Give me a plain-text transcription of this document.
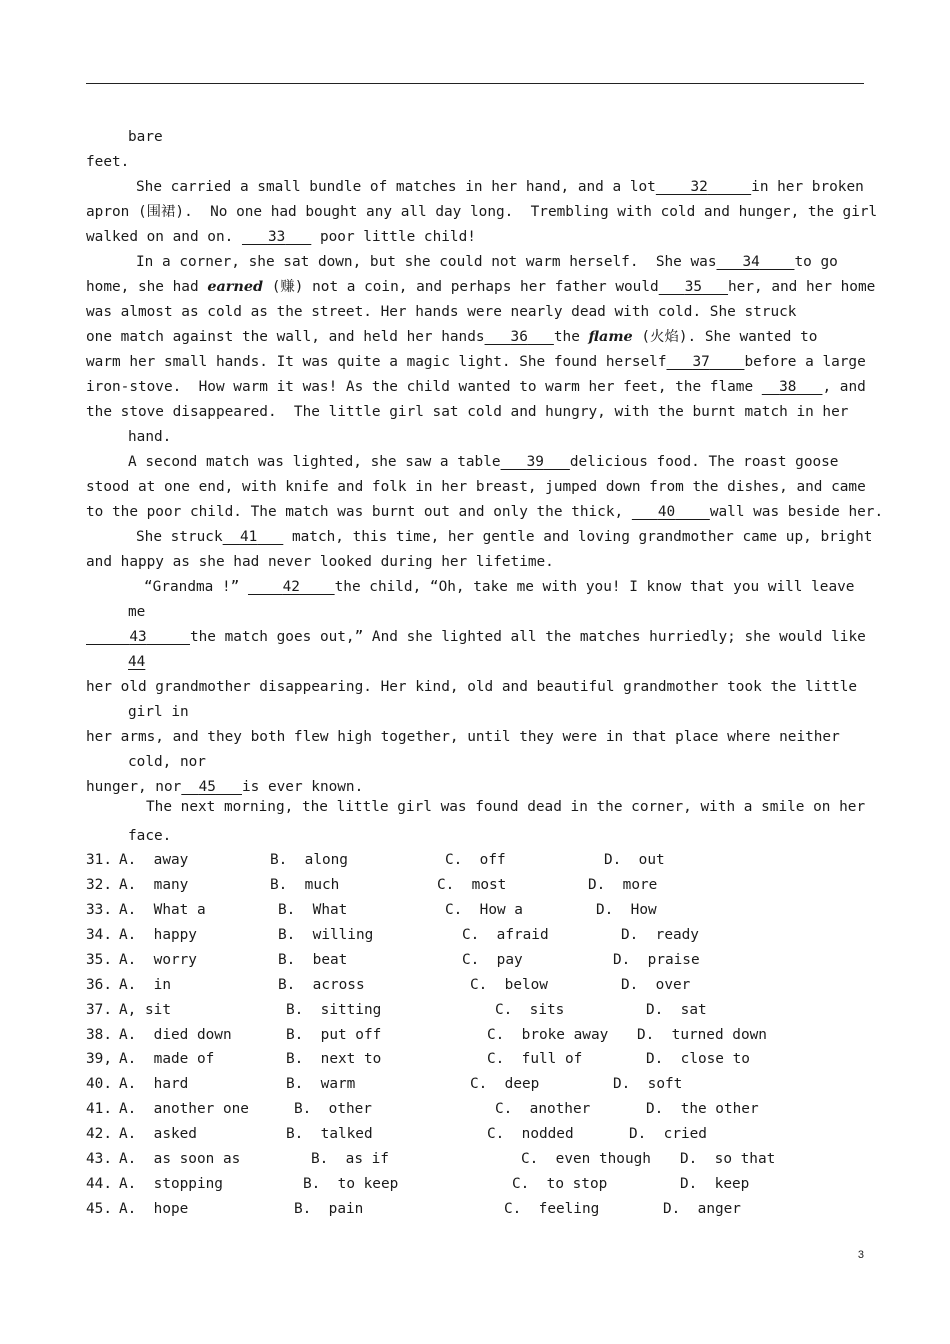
bare
feet.
She carried a small bundle of matches in her hand, and a lot 32	in her broken
apron (围裙).  No one had bought any all day long.  Trembling with cold and hunger, the girl
walked on and on. 33 poor little child!
In a corner, she sat down, but she could not warm herself.  She was 34 to go
home, she had earned (赚) not a coin, and perhaps her father would 35 her, and her home
was almost as cold as the street. Her hands were nearly dead with cold. She struck
one match against the wall, and held her hands 36 the flame (火焰). She wanted to
warm her small hands. It was quite a magic light. She found herself 37 before a large
iron-stove.  How warm it was! As the child wanted to warm her feet, the flame 38 , and
the stove disappeared.  The little girl sat cold and hungry, with the burnt match in her
hand.
A second match was lighted, she saw a table 39 delicious food. The roast goose
stood at one end, with knife and folk in her breast, jumped down from the dishes, and came
to the poor child. The match was burnt out and only the thick, 40 wall was beside her.
She struck 41 match, this time, her gentle and loving grandmother came up, bright
and happy as she had never looked during her lifetime.
“Grandma !”	42 the child, “Oh, take me with you! I know that you will leave
me
43	the match goes out,” And she lighted all the matches hurriedly; she would like
44
her old grandmother disappearing. Her kind, old and beautiful grandmother took the little
girl in
her arms, and they both flew high together, until they were in that place where neither
cold, nor
hunger, nor 45 is ever known.
The next morning, the little girl was found dead in the corner, with a smile on her
face.
31. A.  away	B.  along	C.  off	D.  out
32. A.  many	B.  much	C.  most	D.  more
33. A.  What a	B.  What	C.  How a	D.  How
34. A.  happy	B.  willing	C.  afraid	D.  ready
35. A.  worry	B.  beat	C.  pay	D.  praise
36. A.  in	B.  across	C.  below	D.  over
37. A, sit	B.  sitting	C.  sits	D.  sat
38. A.  died down	B.  put off	C.  broke away D.  turned down
39, A.  made of	B.  next to	C.  full of	D.  close to
40. A.  hard	B.  warm	C.  deep	D.  soft
41. A.  another one	B.  other	C.  another	D.  the other
42. A.  asked	B.  talked	C.  nodded	D.  cried
43. A.  as soon as	B.  as if	C.  even though D.  so that
44. A.  stopping	B.  to keep	C.  to stop	D.  keep
45. A.  hope	B.  pain	C.  feeling	D.  anger
3
